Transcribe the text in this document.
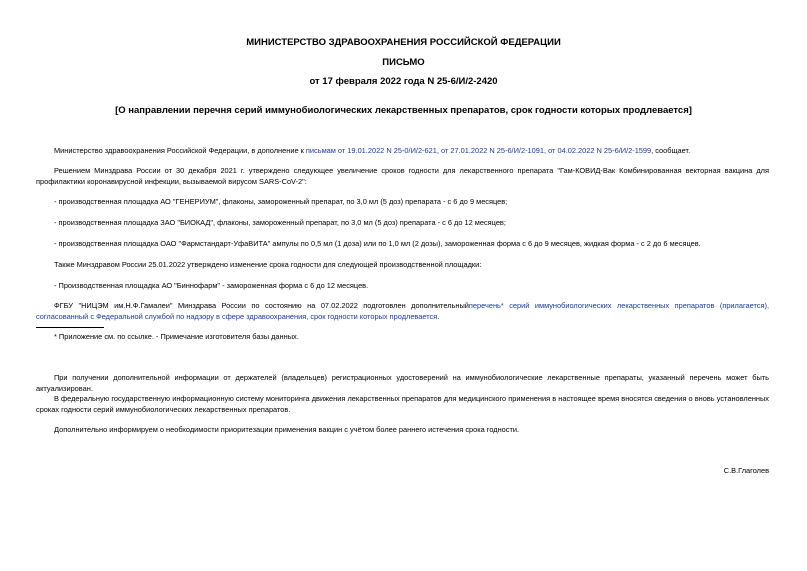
МИНИСТЕРСТВО ЗДРАВООХРАНЕНИЯ РОССИЙСКОЙ ФЕДЕРАЦИИ
ПИСЬМО
от 17 февраля 2022 года N 25-6/И/2-2420
[О направлении перечня серий иммунобиологических лекарственных препаратов, срок годности которых продлевается]
Министерство здравоохранения Российской Федерации, в дополнение к письмам от 19.01.2022 N 25-0/И/2-621, от 27.01.2022 N 25-6/И/2-1091, от 04.02.2022 N 25-6/И/2-1599, сообщает.
Решением Минздрава России от 30 декабря 2021 г. утверждено следующее увеличение сроков годности для лекарственного препарата "Гам-КОВИД-Вак Комбинированная векторная вакцина для профилактики коронавирусной инфекции, вызываемой вирусом SARS-CoV-2":
- производственная площадка АО "ГЕНЕРИУМ", флаконы, замороженный препарат, по 3,0 мл (5 доз) препарата - с 6 до 9 месяцев;
- производственная площадка ЗАО "БИОКАД", флаконы, замороженный препарат, по 3,0 мл (5 доз) препарата - с 6 до 12 месяцев;
- производственная площадка ОАО "Фармстандарт-УфаВИТА" ампулы по 0,5 мл (1 доза) или по 1,0 мл (2 дозы), замороженная форма с 6 до 9 месяцев, жидкая форма - с 2 до 6 месяцев.
Также Минздравом России 25.01.2022 утверждено изменение срока годности для следующей производственной площадки:
- Производственная площадка АО "Биннофарм" - замороженная форма с 6 до 12 месяцев.
ФГБУ "НИЦЭМ им.Н.Ф.Гамалеи" Минздрава России по состоянию на 07.02.2022 подготовлен дополнительныйперечень* серий иммунобиологических лекарственных препаратов (прилагается), согласованный с Федеральной службой по надзору в сфере здравоохранения, срок годности которых продлевается.
* Приложение см. по ссылке. - Примечание изготовителя базы данных.
При получении дополнительной информации от держателей (владельцев) регистрационных удостоверений на иммунобиологические лекарственные препараты, указанный перечень может быть актуализирован.
В федеральную государственную информационную систему мониторинга движения лекарственных препаратов для медицинского применения в настоящее время вносятся сведения о вновь установленных сроках годности серий иммунобиологических лекарственных препаратов.
Дополнительно информируем о необходимости приоритезации применения вакцин с учётом более раннего истечения срока годности.
С.В.Глаголев
